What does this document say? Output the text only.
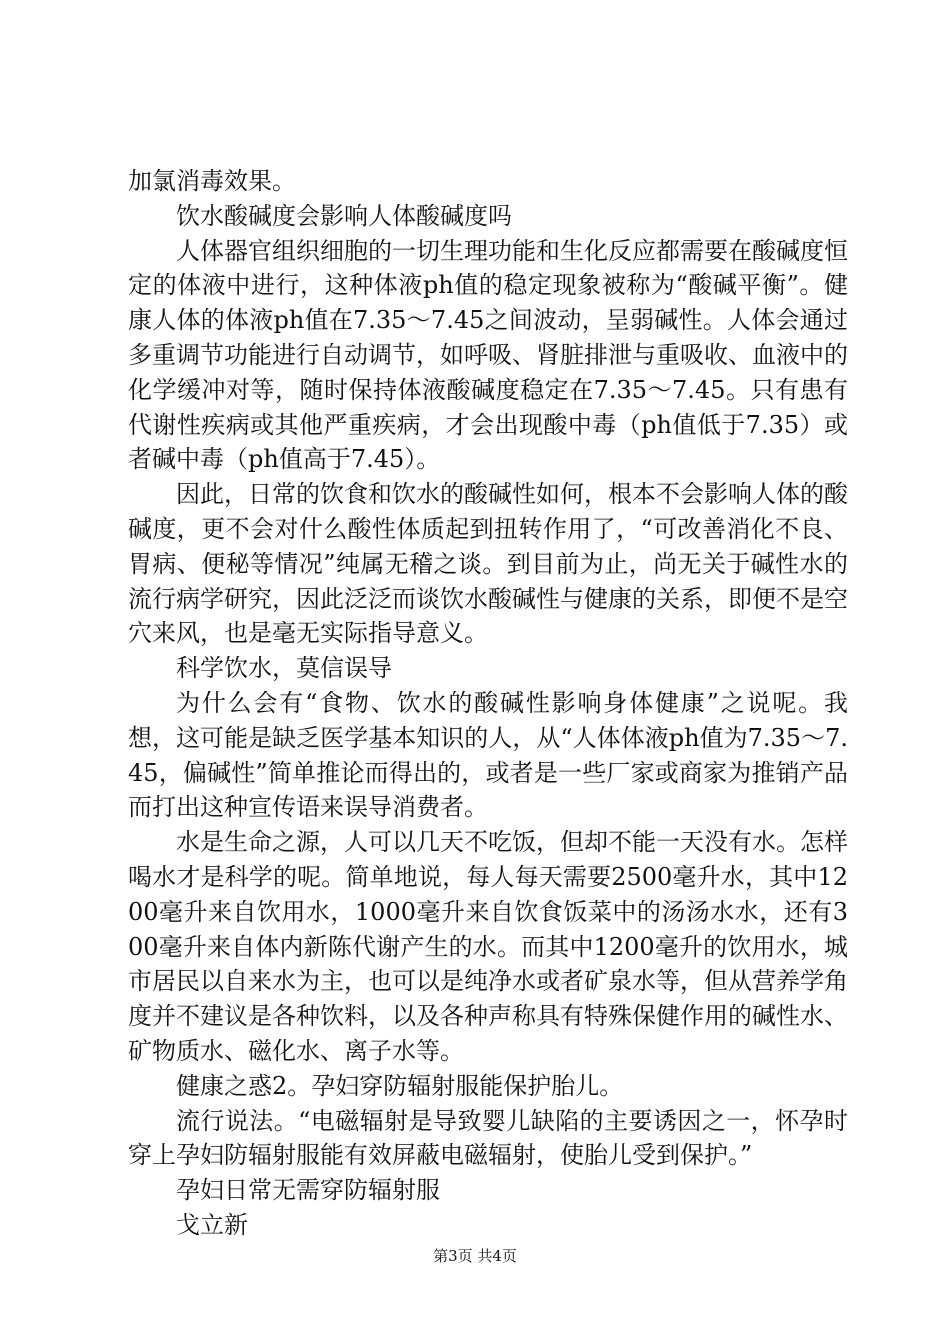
加氯消毒效果。

饮水酸碱度会影响人体酸碱度吗

人体器官组织细胞的一切生理功能和生化反应都需要在酸碱度恒定的体液中进行，这种体液ph值的稳定现象被称为“酸碱平衡”。健康人体的体液ph值在7.35～7.45之间波动，呈弱碱性。人体会通过多重调节功能进行自动调节，如呼吸、肾脏排泄与重吸收、血液中的化学缓冲对等，随时保持体液酸碱度稳定在7.35～7.45。只有患有代谢性疾病或其他严重疾病，才会出现酸中毒（ph值低于7.35）或者碱中毒（ph值高于7.45）。

因此，日常的饮食和饮水的酸碱性如何，根本不会影响人体的酸碱度，更不会对什么酸性体质起到扭转作用了，“可改善消化不良、胃病、便秘等情况”纯属无稽之谈。到目前为止，尚无关于碱性水的流行病学研究，因此泛泛而谈饮水酸碱性与健康的关系，即便不是空穴来风，也是毫无实际指导意义。

科学饮水，莫信误导

为什么会有“食物、饮水的酸碱性影响身体健康”之说呢。我想，这可能是缺乏医学基本知识的人，从“人体体液ph值为7.35～7.45，偏碱性”简单推论而得出的，或者是一些厂家或商家为推销产品而打出这种宣传语来误导消费者。

水是生命之源，人可以几天不吃饭，但却不能一天没有水。怎样喝水才是科学的呢。简单地说，每人每天需要2500毫升水，其中1200毫升来自饮用水，1000毫升来自饮食饭菜中的汤汤水水，还有300毫升来自体内新陈代谢产生的水。而其中1200毫升的饮用水，城市居民以自来水为主，也可以是纯净水或者矿泉水等，但从营养学角度并不建议是各种饮料，以及各种声称具有特殊保健作用的碱性水、矿物质水、磁化水、离子水等。

健康之惑2。孕妇穿防辐射服能保护胎儿。

流行说法。“电磁辐射是导致婴儿缺陷的主要诱因之一，怀孕时穿上孕妇防辐射服能有效屏蔽电磁辐射，使胎儿受到保护。”

孕妇日常无需穿防辐射服

戈立新

第3页 共4页
